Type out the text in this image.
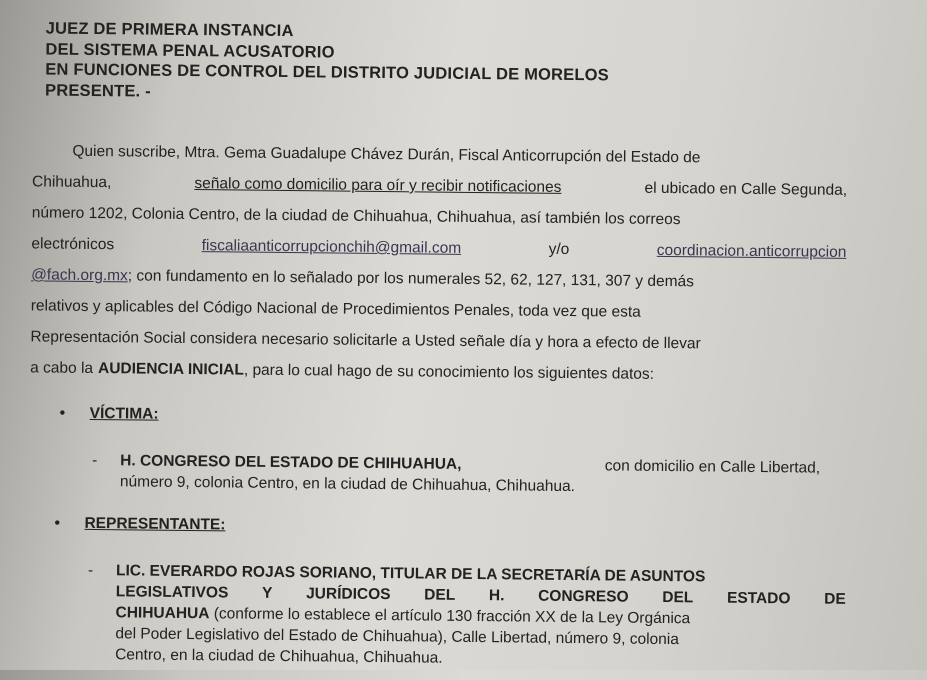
JUEZ DE PRIMERA INSTANCIA
DEL SISTEMA PENAL ACUSATORIO
EN FUNCIONES DE CONTROL DEL DISTRITO JUDICIAL DE MORELOS
PRESENTE. -
Quien suscribe, Mtra. Gema Guadalupe Chávez Durán, Fiscal Anticorrupción del Estado de
Chihuahua,	señalo como domicilio para oír y recibir notificaciones	el ubicado en Calle Segunda,
número 1202, Colonia Centro, de la ciudad de Chihuahua, Chihuahua, así también los correos
electrónicos	fiscaliaanticorrupcionchih@gmail.com	y/o	coordinacion.anticorrupcion
@fach.org.mx; con fundamento en lo señalado por los numerales 52, 62, 127, 131, 307 y demás
relativos y aplicables del Código Nacional de Procedimientos Penales, toda vez que esta
Representación Social considera necesario solicitarle a Usted señale día y hora a efecto de llevar
a cabo la AUDIENCIA INICIAL, para lo cual hago de su conocimiento los siguientes datos:
• VÍCTIMA:
- H. CONGRESO DEL ESTADO DE CHIHUAHUA,	con domicilio en Calle Libertad,
número 9, colonia Centro, en la ciudad de Chihuahua, Chihuahua.
• REPRESENTANTE:
- LIC. EVERARDO ROJAS SORIANO, TITULAR DE LA SECRETARÍA DE ASUNTOS
LEGISLATIVOS Y JURÍDICOS DEL H. CONGRESO DEL ESTADO DE
CHIHUAHUA (conforme lo establece el artículo 130 fracción XX de la Ley Orgánica
del Poder Legislativo del Estado de Chihuahua), Calle Libertad, número 9, colonia
Centro, en la ciudad de Chihuahua, Chihuahua.
